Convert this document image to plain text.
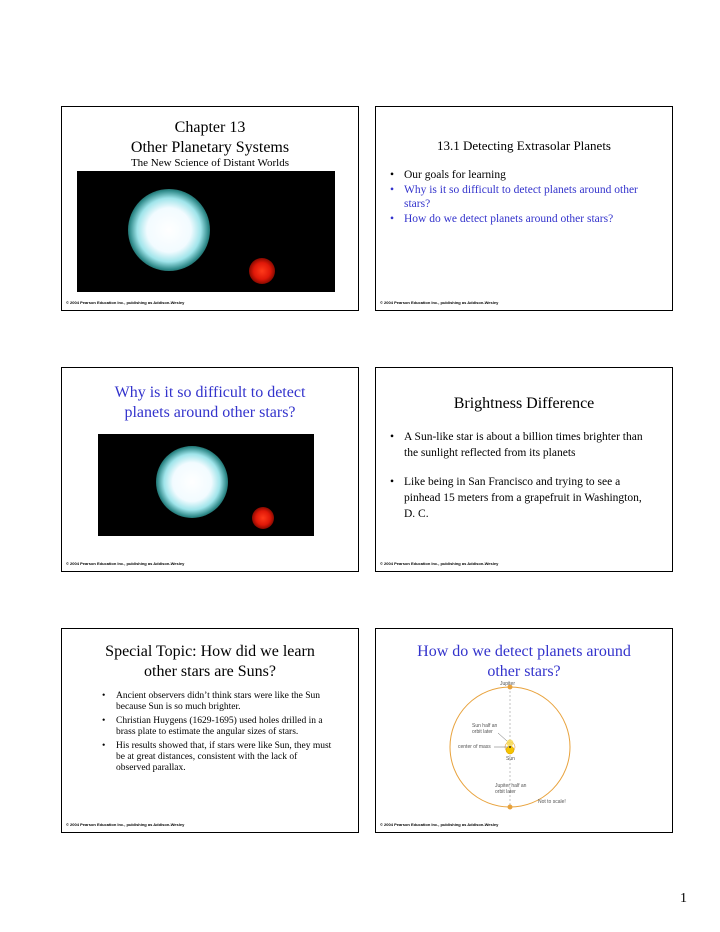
Chapter 13
Other Planetary Systems
The New Science of Distant Worlds
© 2004 Pearson Education Inc., publishing as Addison-Wesley
13.1 Detecting Extrasolar Planets
• Our goals for learning
• Why is it so difficult to detect planets around other stars?
• How do we detect planets around other stars?
© 2004 Pearson Education Inc., publishing as Addison-Wesley
Why is it so difficult to detect
planets around other stars?
© 2004 Pearson Education Inc., publishing as Addison-Wesley
Brightness Difference
• A Sun-like star is about a billion times brighter than the sunlight reflected from its planets
• Like being in San Francisco and trying to see a pinhead 15 meters from a grapefruit in Washington, D. C.
© 2004 Pearson Education Inc., publishing as Addison-Wesley
Special Topic: How did we learn
other stars are Suns?
• Ancient observers didn’t think stars were like the Sun because Sun is so much brighter.
• Christian Huygens (1629-1695) used holes drilled in a brass plate to estimate the angular sizes of stars.
• His results showed that, if stars were like Sun, they must be at great distances, consistent with the lack of observed parallax.
© 2004 Pearson Education Inc., publishing as Addison-Wesley
How do we detect planets around
other stars?
Jupiter
Sun half an orbit later
center of mass
Sun
Jupiter half an orbit later
Not to scale!
© 2004 Pearson Education Inc., publishing as Addison-Wesley
1
